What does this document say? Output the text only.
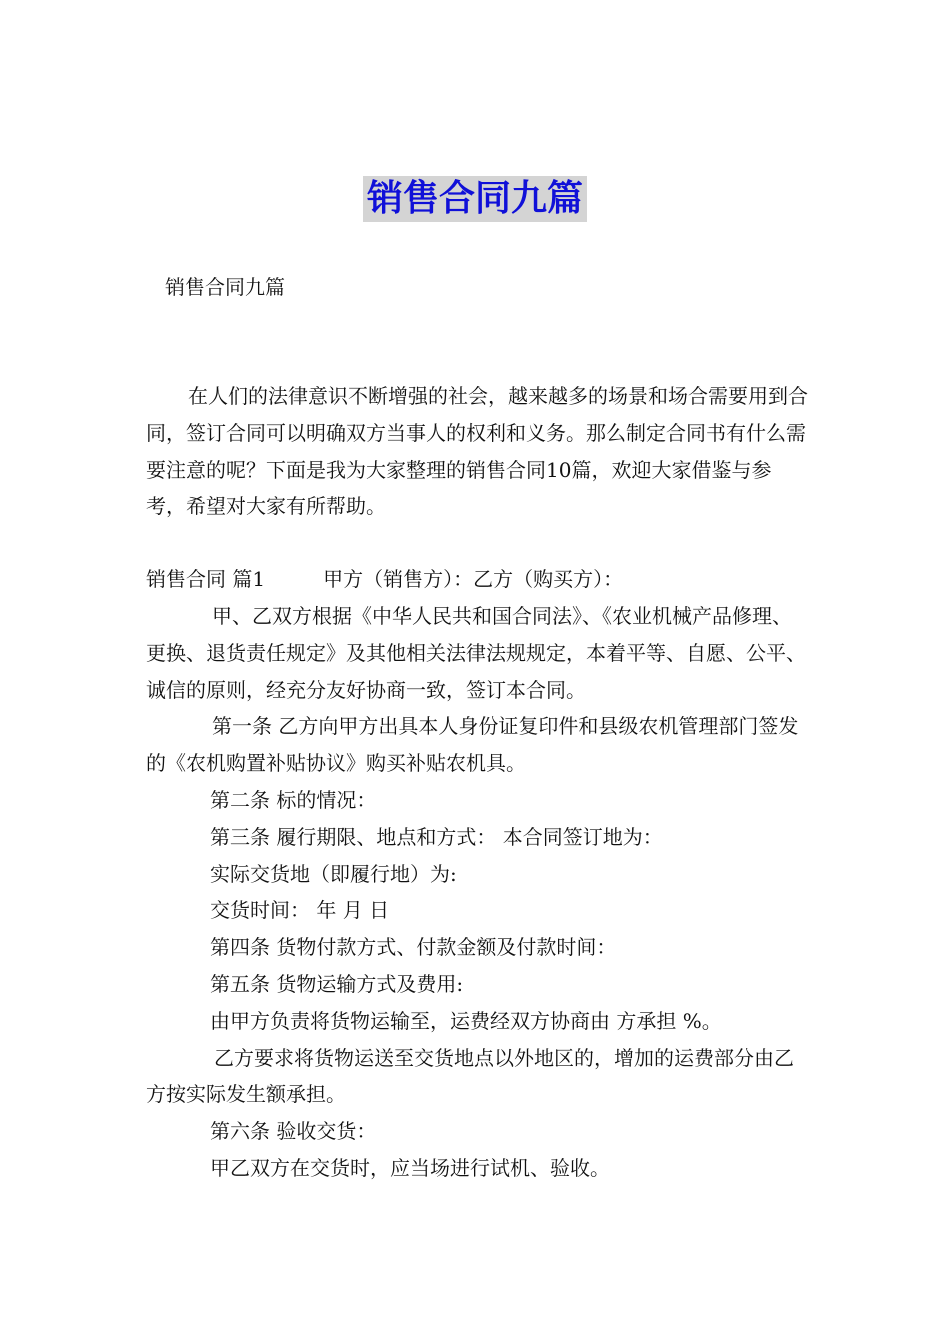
销售合同九篇
销售合同九篇

在人们的法律意识不断增强的社会，越来越多的场景和场合需要用到合同，签订合同可以明确双方当事人的权利和义务。那么制定合同书有什么需要注意的呢？下面是我为大家整理的销售合同10篇，欢迎大家借鉴与参考，希望对大家有所帮助。

销售合同 篇1	甲方（销售方）：乙方（购买方）：

甲、乙双方根据《中华人民共和国合同法》、《农业机械产品修理、更换、退货责任规定》及其他相关法律法规规定，本着平等、自愿、公平、诚信的原则，经充分友好协商一致，签订本合同。

第一条 乙方向甲方出具本人身份证复印件和县级农机管理部门签发的《农机购置补贴协议》购买补贴农机具。

第二条 标的情况：

第三条 履行期限、地点和方式： 本合同签订地为：

实际交货地（即履行地）为:

交货时间： 年 月 日

第四条 货物付款方式、付款金额及付款时间：

第五条 货物运输方式及费用:

由甲方负责将货物运输至，运费经双方协商由 方承担 %。

乙方要求将货物运送至交货地点以外地区的，增加的运费部分由乙方按实际发生额承担。

第六条 验收交货：

甲乙双方在交货时，应当场进行试机、验收。
